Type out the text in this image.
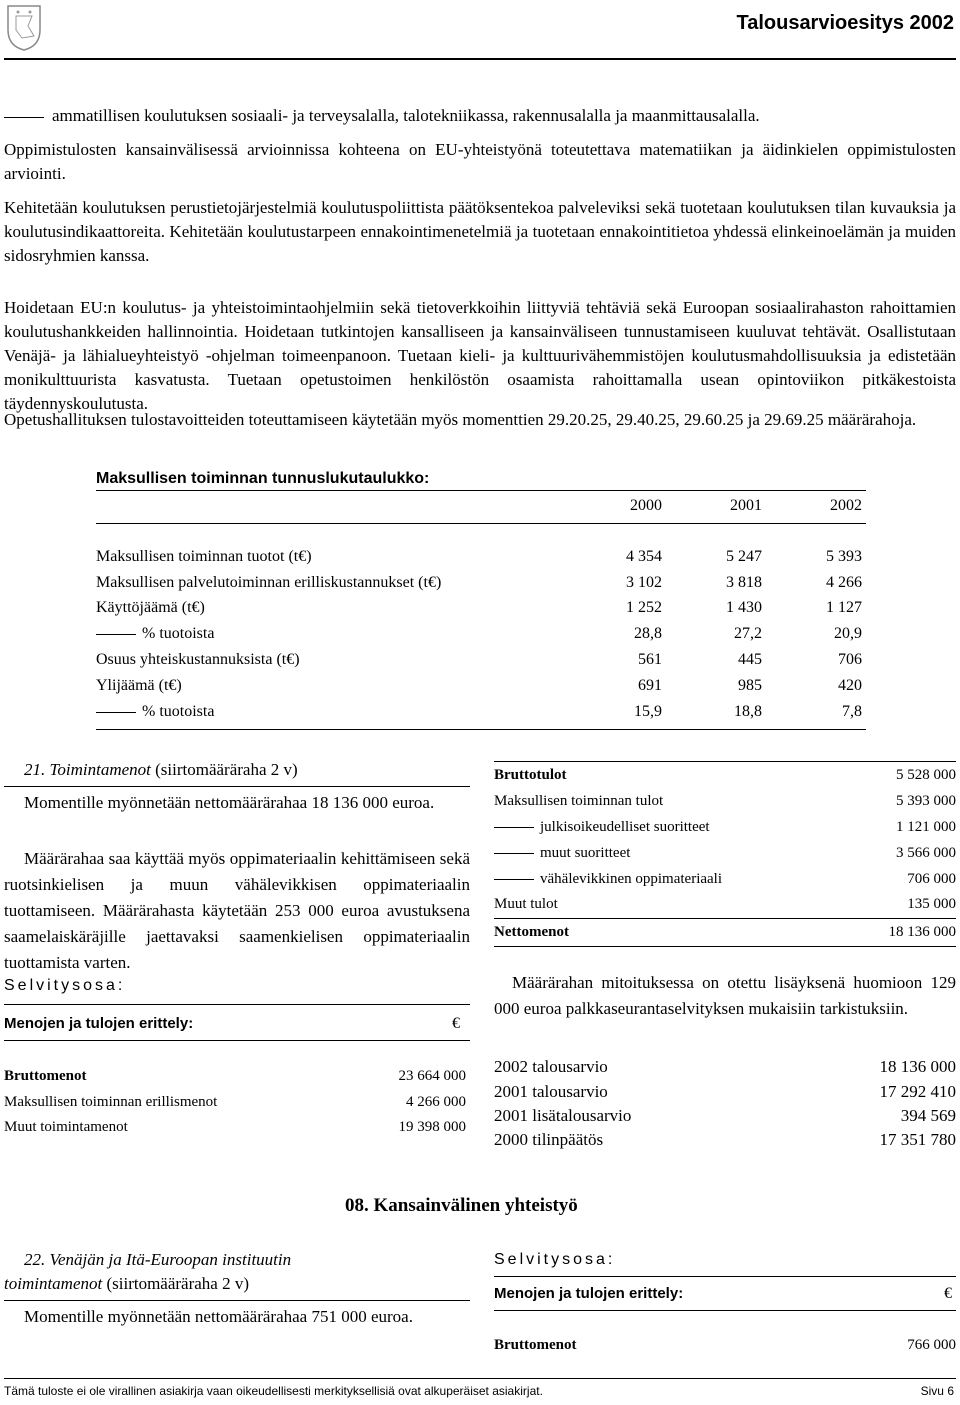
Talousarvioesitys 2002
ammatillisen koulutuksen sosiaali- ja terveysalalla, talotekniikassa, rakennusalalla ja maanmittausalalla.
Oppimistulosten kansainvälisessä arvioinnissa kohteena on EU-yhteistyönä toteutettava matematiikan ja äidinkielen oppimistulosten arviointi.
Kehitetään koulutuksen perustietojärjestelmiä koulutuspoliittista päätöksentekoa palveleviksi sekä tuotetaan koulutuksen tilan kuvauksia ja koulutusindikaattoreita. Kehitetään koulutustarpeen ennakointimenetelmiä ja tuotetaan ennakointitietoa yhdessä elinkeinoelämän ja muiden sidosryhmien kanssa.
Hoidetaan EU:n koulutus- ja yhteistoimintaohjelmiin sekä tietoverkkoihin liittyviä tehtäviä sekä Euroopan sosiaalirahaston rahoittamien koulutushankkeiden hallinnointia. Hoidetaan tutkintojen kansalliseen ja kansainväliseen tunnustamiseen kuuluvat tehtävät. Osallistutaan Venäjä- ja lähialueyhteistyö -ohjelman toimeenpanoon. Tuetaan kieli- ja kulttuurivähemmistöjen koulutusmahdollisuuksia ja edistetään monikulttuurista kasvatusta. Tuetaan opetustoimen henkilöstön osaamista rahoittamalla usean opintoviikon pitkäkestoista täydennyskoulutusta.
Opetushallituksen tulostavoitteiden toteuttamiseen käytetään myös momenttien 29.20.25, 29.40.25, 29.60.25 ja 29.69.25 määrärahoja.
Maksullisen toiminnan tunnuslukutaulukko:
2000	2001	2002
Maksullisen toiminnan tuotot (t€)	4 354	5 247	5 393
Maksullisen palvelutoiminnan erilliskustannukset (t€)	3 102	3 818	4 266
Käyttöjäämä (t€)	1 252	1 430	1 127
% tuotoista	28,8	27,2	20,9
Osuus yhteiskustannuksista (t€)	561	445	706
Ylijäämä (t€)	691	985	420
% tuotoista	15,9	18,8	7,8
21. Toimintamenot (siirtomääräraha 2 v)
Momentille myönnetään nettomäärärahaa 18 136 000 euroa.
Määrärahaa saa käyttää myös oppimateriaalin kehittämiseen sekä ruotsinkielisen ja muun vähälevikkisen oppimateriaalin tuottamiseen. Määrärahasta käytetään 253 000 euroa avustuksena saamelaiskäräjille jaettavaksi saamenkielisen oppimateriaalin tuottamista varten.
Selvitysosa:
Menojen ja tulojen erittely:	€
Bruttomenot	23 664 000
Maksullisen toiminnan erillismenot	4 266 000
Muut toimintamenot	19 398 000
Bruttotulot	5 528 000
Maksullisen toiminnan tulot	5 393 000
julkisoikeudelliset suoritteet	1 121 000
muut suoritteet	3 566 000
vähälevikkinen oppimateriaali	706 000
Muut tulot	135 000
Nettomenot	18 136 000
Määrärahan mitoituksessa on otettu lisäyksenä huomioon 129 000 euroa palkkaseurantaselvityksen mukaisiin tarkistuksiin.
2002 talousarvio	18 136 000
2001 talousarvio	17 292 410
2001 lisätalousarvio	394 569
2000 tilinpäätös	17 351 780
08. Kansainvälinen yhteistyö
22. Venäjän ja Itä-Euroopan instituutin
toimintamenot (siirtomääräraha 2 v)
Momentille myönnetään nettomäärärahaa 751 000 euroa.
Selvitysosa:
Menojen ja tulojen erittely:	€
Bruttomenot	766 000
Tämä tuloste ei ole virallinen asiakirja vaan oikeudellisesti merkityksellisiä ovat alkuperäiset asiakirjat.	Sivu 6
